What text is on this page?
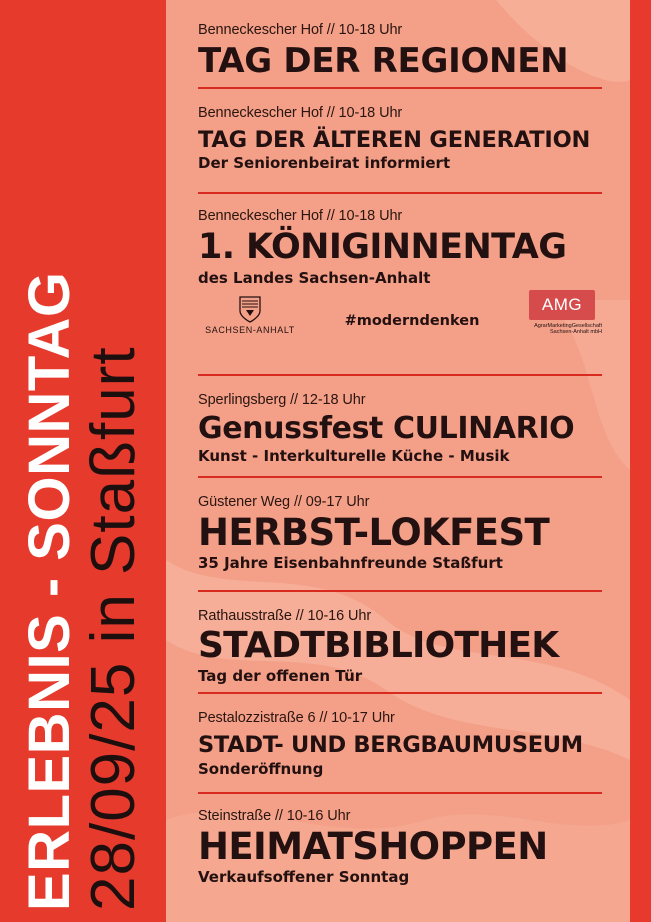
ERLEBNIS - SONNTAG
28/09/25 in Staßfurt
Benneckescher Hof // 10-18 Uhr
TAG DER REGIONEN
Benneckescher Hof // 10-18 Uhr
TAG DER ÄLTEREN GENERATION
Der Seniorenbeirat informiert
Benneckescher Hof // 10-18 Uhr
1. KÖNIGINNENTAG
des Landes Sachsen-Anhalt
SACHSEN-ANHALT
#moderndenken
AMG
AgrarMarketingGesellschaft
Sachsen-Anhalt mbH
Sperlingsberg // 12-18 Uhr
Genussfest CULINARIO
Kunst - Interkulturelle Küche - Musik
Güstener Weg // 09-17 Uhr
HERBST-LOKFEST
35 Jahre Eisenbahnfreunde Staßfurt
Rathausstraße // 10-16 Uhr
STADTBIBLIOTHEK
Tag der offenen Tür
Pestalozzistraße 6 // 10-17 Uhr
STADT- UND BERGBAUMUSEUM
Sonderöffnung
Steinstraße // 10-16 Uhr
HEIMATSHOPPEN
Verkaufsoffener Sonntag
